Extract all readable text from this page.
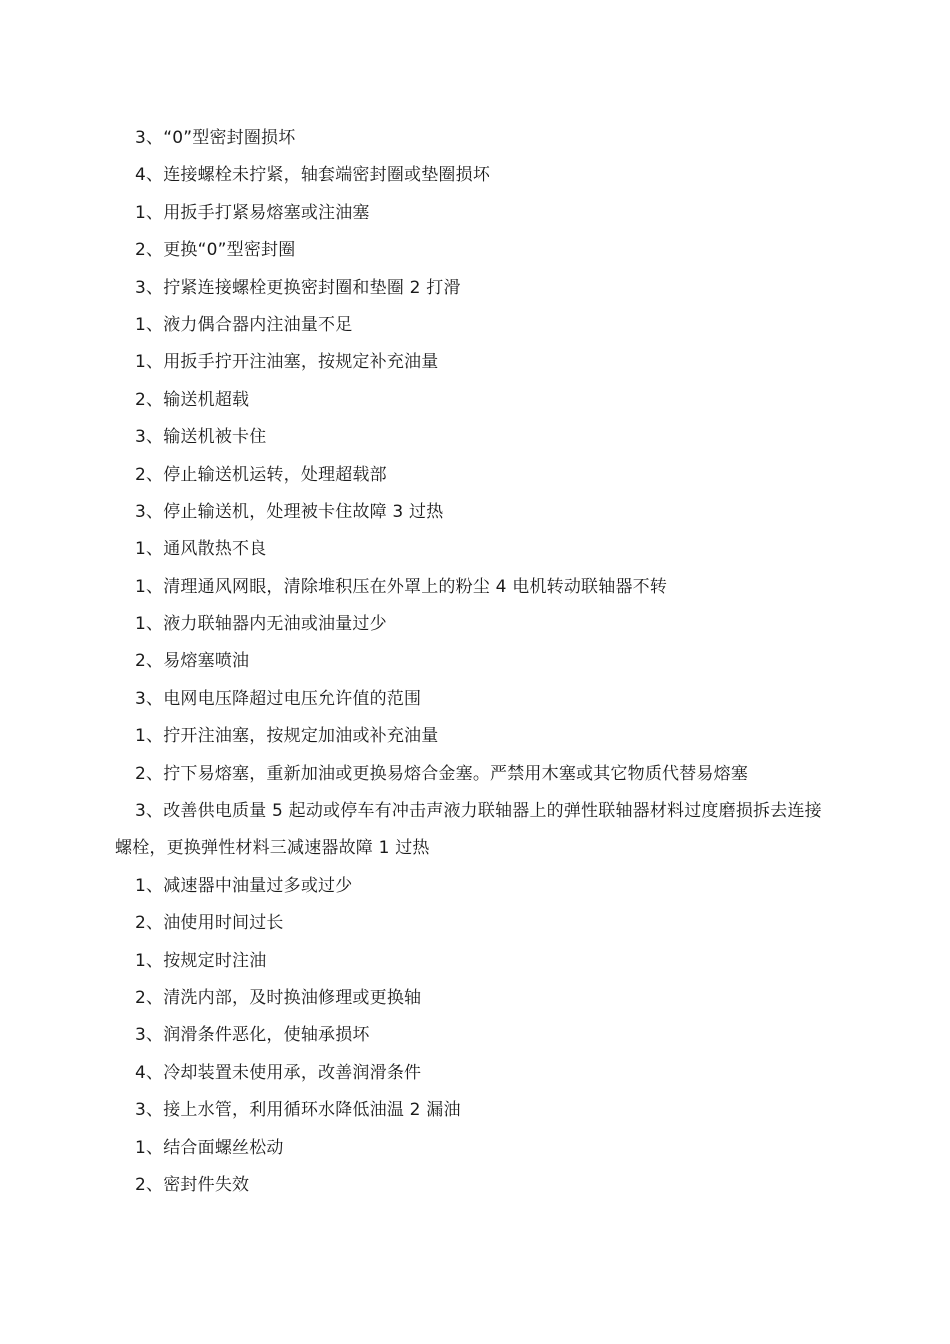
3、“0”型密封圈损坏
4、连接螺栓未拧紧，轴套端密封圈或垫圈损坏
1、用扳手打紧易熔塞或注油塞
2、更换“0”型密封圈
3、拧紧连接螺栓更换密封圈和垫圈 2 打滑
1、液力偶合器内注油量不足
1、用扳手拧开注油塞，按规定补充油量
2、输送机超载
3、输送机被卡住
2、停止输送机运转，处理超载部
3、停止输送机，处理被卡住故障 3 过热
1、通风散热不良
1、清理通风网眼，清除堆积压在外罩上的粉尘 4 电机转动联轴器不转
1、液力联轴器内无油或油量过少
2、易熔塞喷油
3、电网电压降超过电压允许值的范围
1、拧开注油塞，按规定加油或补充油量
2、拧下易熔塞，重新加油或更换易熔合金塞。严禁用木塞或其它物质代替易熔塞
3、改善供电质量 5 起动或停车有冲击声液力联轴器上的弹性联轴器材料过度磨损拆去连接螺栓，更换弹性材料三减速器故障 1 过热
1、减速器中油量过多或过少
2、油使用时间过长
1、按规定时注油
2、清洗内部，及时换油修理或更换轴
3、润滑条件恶化，使轴承损坏
4、冷却装置未使用承，改善润滑条件
3、接上水管，利用循环水降低油温 2 漏油
1、结合面螺丝松动
2、密封件失效
